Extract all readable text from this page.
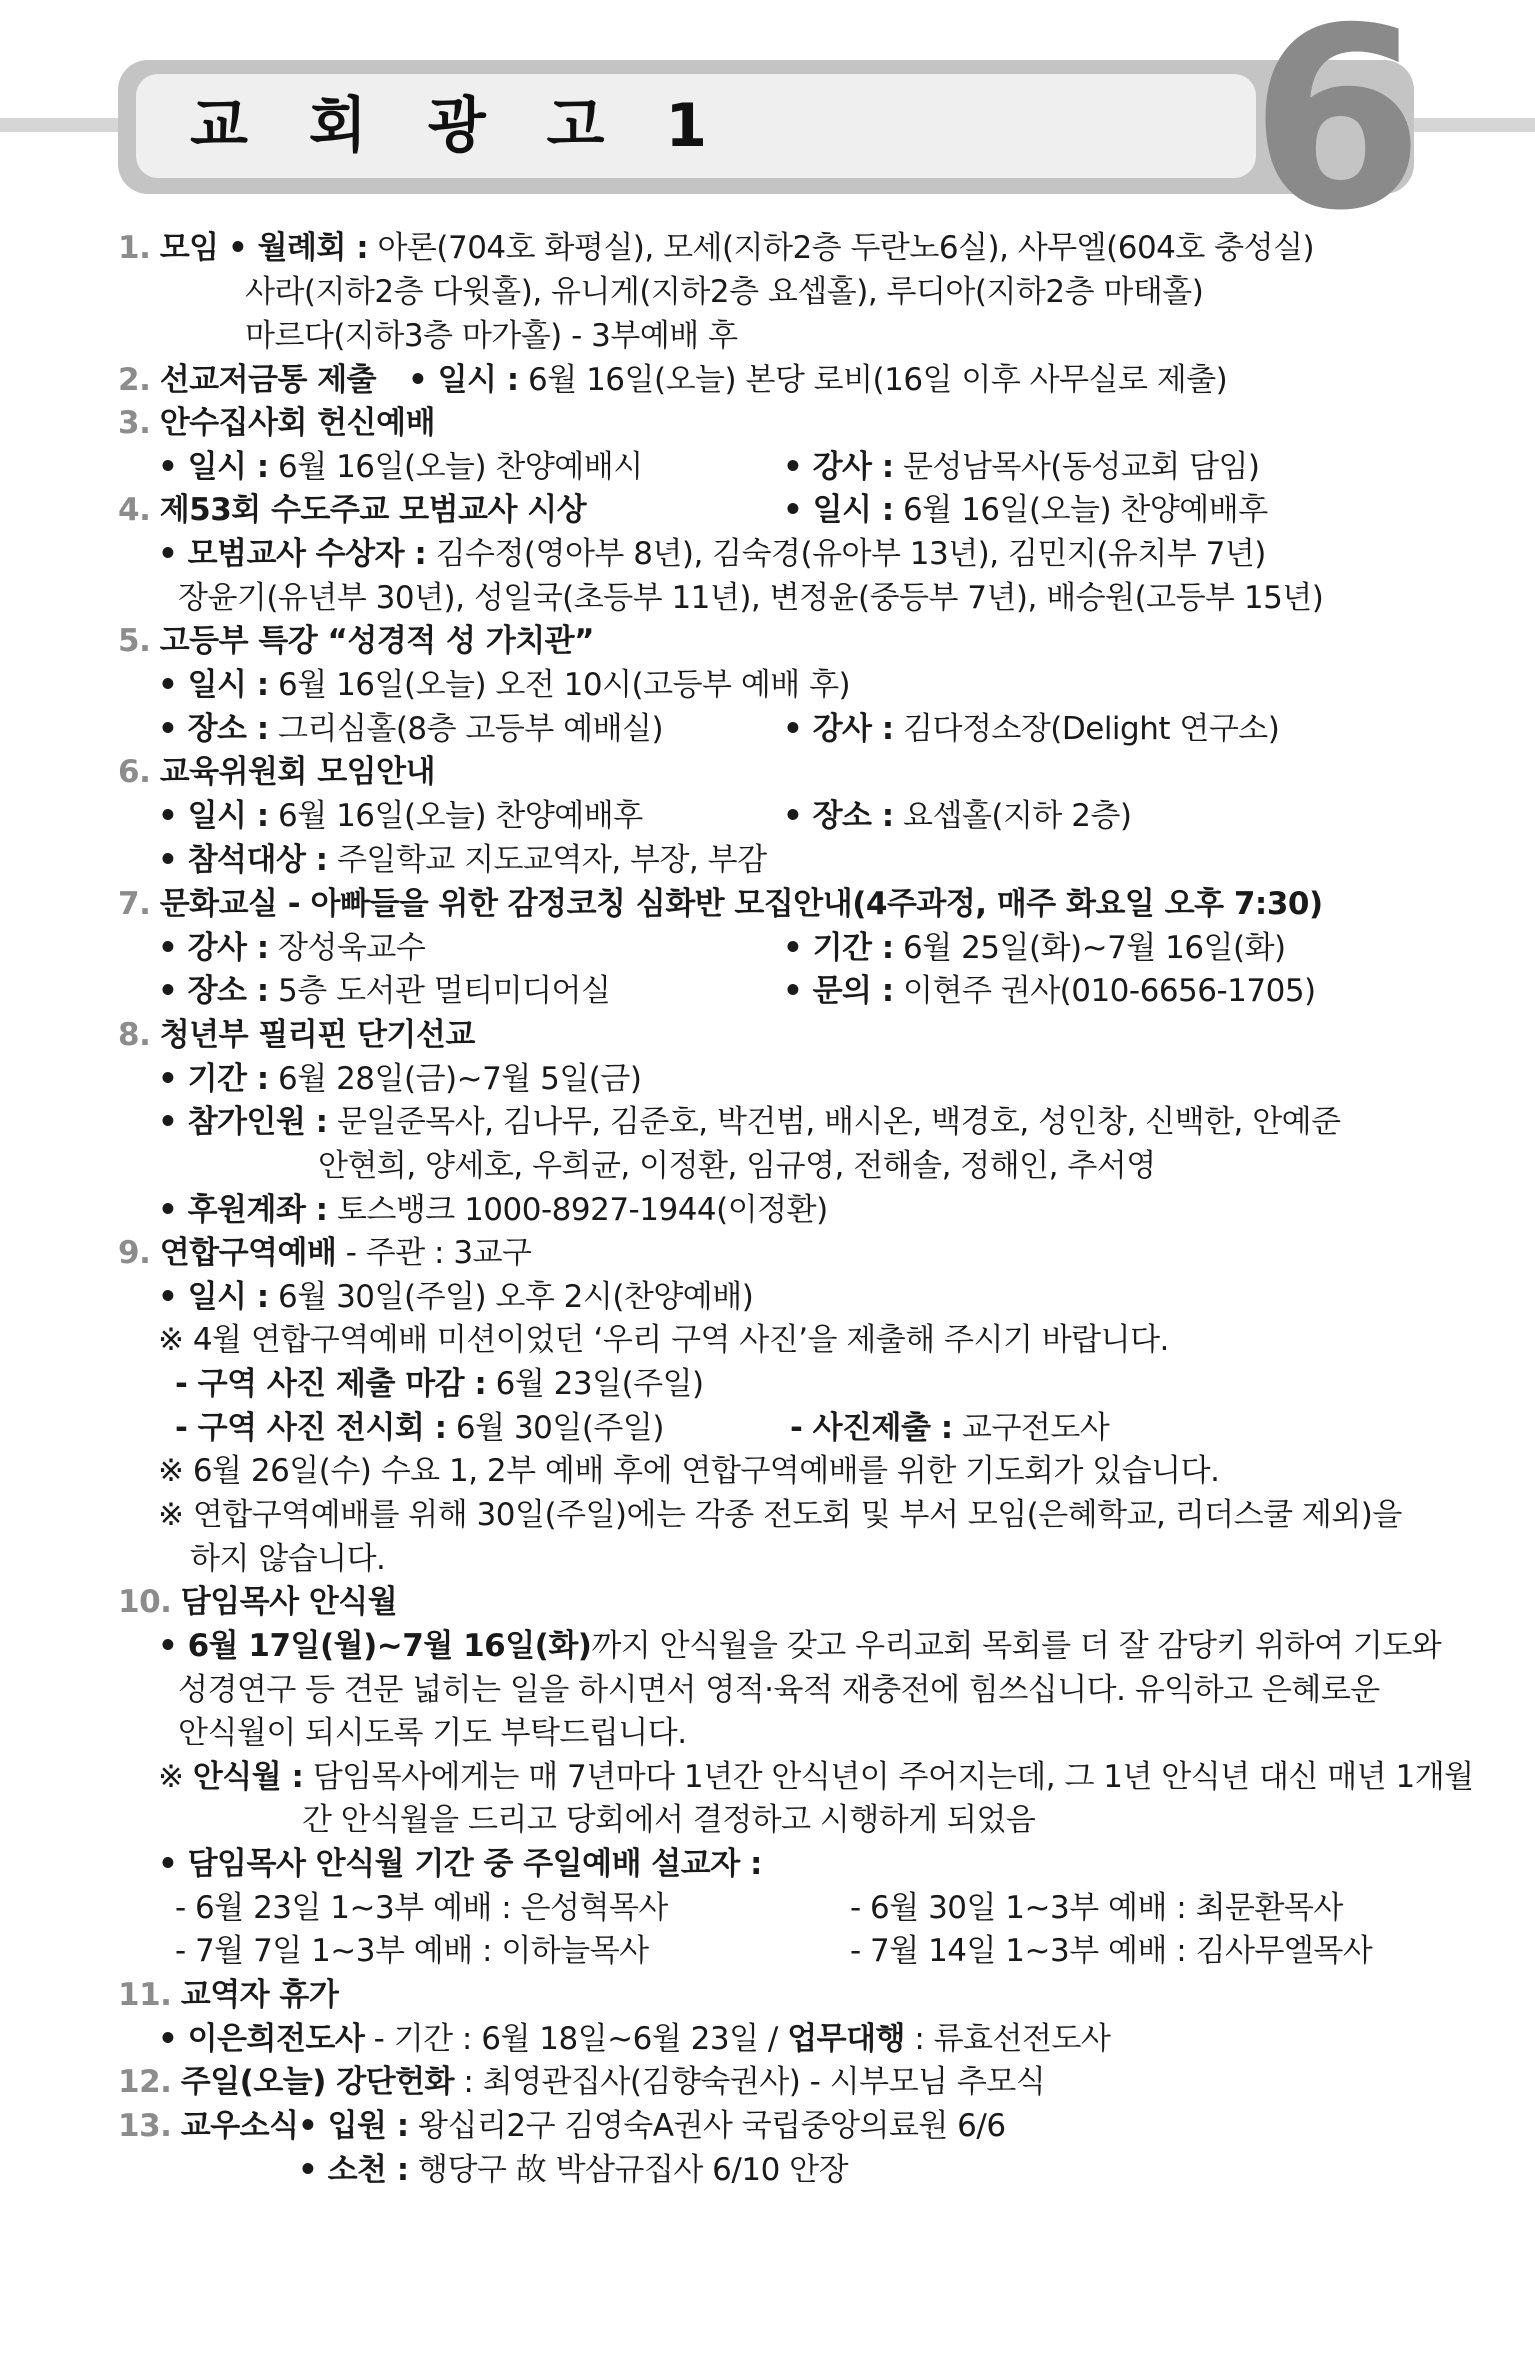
교 회 광 고 1 6
1. 모임 • 월례회 : 아론(704호 화평실), 모세(지하2층 두란노6실), 사무엘(604호 충성실)
사라(지하2층 다윗홀), 유니게(지하2층 요셉홀), 루디아(지하2층 마태홀)
마르다(지하3층 마가홀) - 3부예배 후
2. 선교저금통 제출 • 일시 : 6월 16일(오늘) 본당 로비(16일 이후 사무실로 제출)
3. 안수집사회 헌신예배
• 일시 : 6월 16일(오늘) 찬양예배시	• 강사 : 문성남목사(동성교회 담임)
4. 제53회 수도주교 모범교사 시상	• 일시 : 6월 16일(오늘) 찬양예배후
• 모범교사 수상자 : 김수정(영아부 8년), 김숙경(유아부 13년), 김민지(유치부 7년)
장윤기(유년부 30년), 성일국(초등부 11년), 변정윤(중등부 7년), 배승원(고등부 15년)
5. 고등부 특강 “성경적 성 가치관”
• 일시 : 6월 16일(오늘) 오전 10시(고등부 예배 후)
• 장소 : 그리심홀(8층 고등부 예배실)	• 강사 : 김다정소장(Delight 연구소)
6. 교육위원회 모임안내
• 일시 : 6월 16일(오늘) 찬양예배후	• 장소 : 요셉홀(지하 2층)
• 참석대상 : 주일학교 지도교역자, 부장, 부감
7. 문화교실 - 아빠들을 위한 감정코칭 심화반 모집안내(4주과정, 매주 화요일 오후 7:30)
• 강사 : 장성욱교수	• 기간 : 6월 25일(화)~7월 16일(화)
• 장소 : 5층 도서관 멀티미디어실	• 문의 : 이현주 권사(010-6656-1705)
8. 청년부 필리핀 단기선교
• 기간 : 6월 28일(금)~7월 5일(금)
• 참가인원 : 문일준목사, 김나무, 김준호, 박건범, 배시온, 백경호, 성인창, 신백한, 안예준
안현희, 양세호, 우희균, 이정환, 임규영, 전해솔, 정해인, 추서영
• 후원계좌 : 토스뱅크 1000-8927-1944(이정환)
9. 연합구역예배 - 주관 : 3교구
• 일시 : 6월 30일(주일) 오후 2시(찬양예배)
※ 4월 연합구역예배 미션이었던 ‘우리 구역 사진’을 제출해 주시기 바랍니다.
- 구역 사진 제출 마감 : 6월 23일(주일)
- 구역 사진 전시회 : 6월 30일(주일)	- 사진제출 : 교구전도사
※ 6월 26일(수) 수요 1, 2부 예배 후에 연합구역예배를 위한 기도회가 있습니다.
※ 연합구역예배를 위해 30일(주일)에는 각종 전도회 및 부서 모임(은혜학교, 리더스쿨 제외)을
하지 않습니다.
10. 담임목사 안식월
• 6월 17일(월)~7월 16일(화)까지 안식월을 갖고 우리교회 목회를 더 잘 감당키 위하여 기도와
성경연구 등 견문 넓히는 일을 하시면서 영적·육적 재충전에 힘쓰십니다. 유익하고 은혜로운
안식월이 되시도록 기도 부탁드립니다.
※ 안식월 : 담임목사에게는 매 7년마다 1년간 안식년이 주어지는데, 그 1년 안식년 대신 매년 1개월
간 안식월을 드리고 당회에서 결정하고 시행하게 되었음
• 담임목사 안식월 기간 중 주일예배 설교자 :
- 6월 23일 1~3부 예배 : 은성혁목사	- 6월 30일 1~3부 예배 : 최문환목사
- 7월 7일 1~3부 예배 : 이하늘목사	- 7월 14일 1~3부 예배 : 김사무엘목사
11. 교역자 휴가
• 이은희전도사 - 기간 : 6월 18일~6월 23일 / 업무대행 : 류효선전도사
12. 주일(오늘) 강단헌화 : 최영관집사(김향숙권사) - 시부모님 추모식
13. 교우소식 • 입원 : 왕십리2구 김영숙A권사 국립중앙의료원 6/6
• 소천 : 행당구 故 박삼규집사 6/10 안장
